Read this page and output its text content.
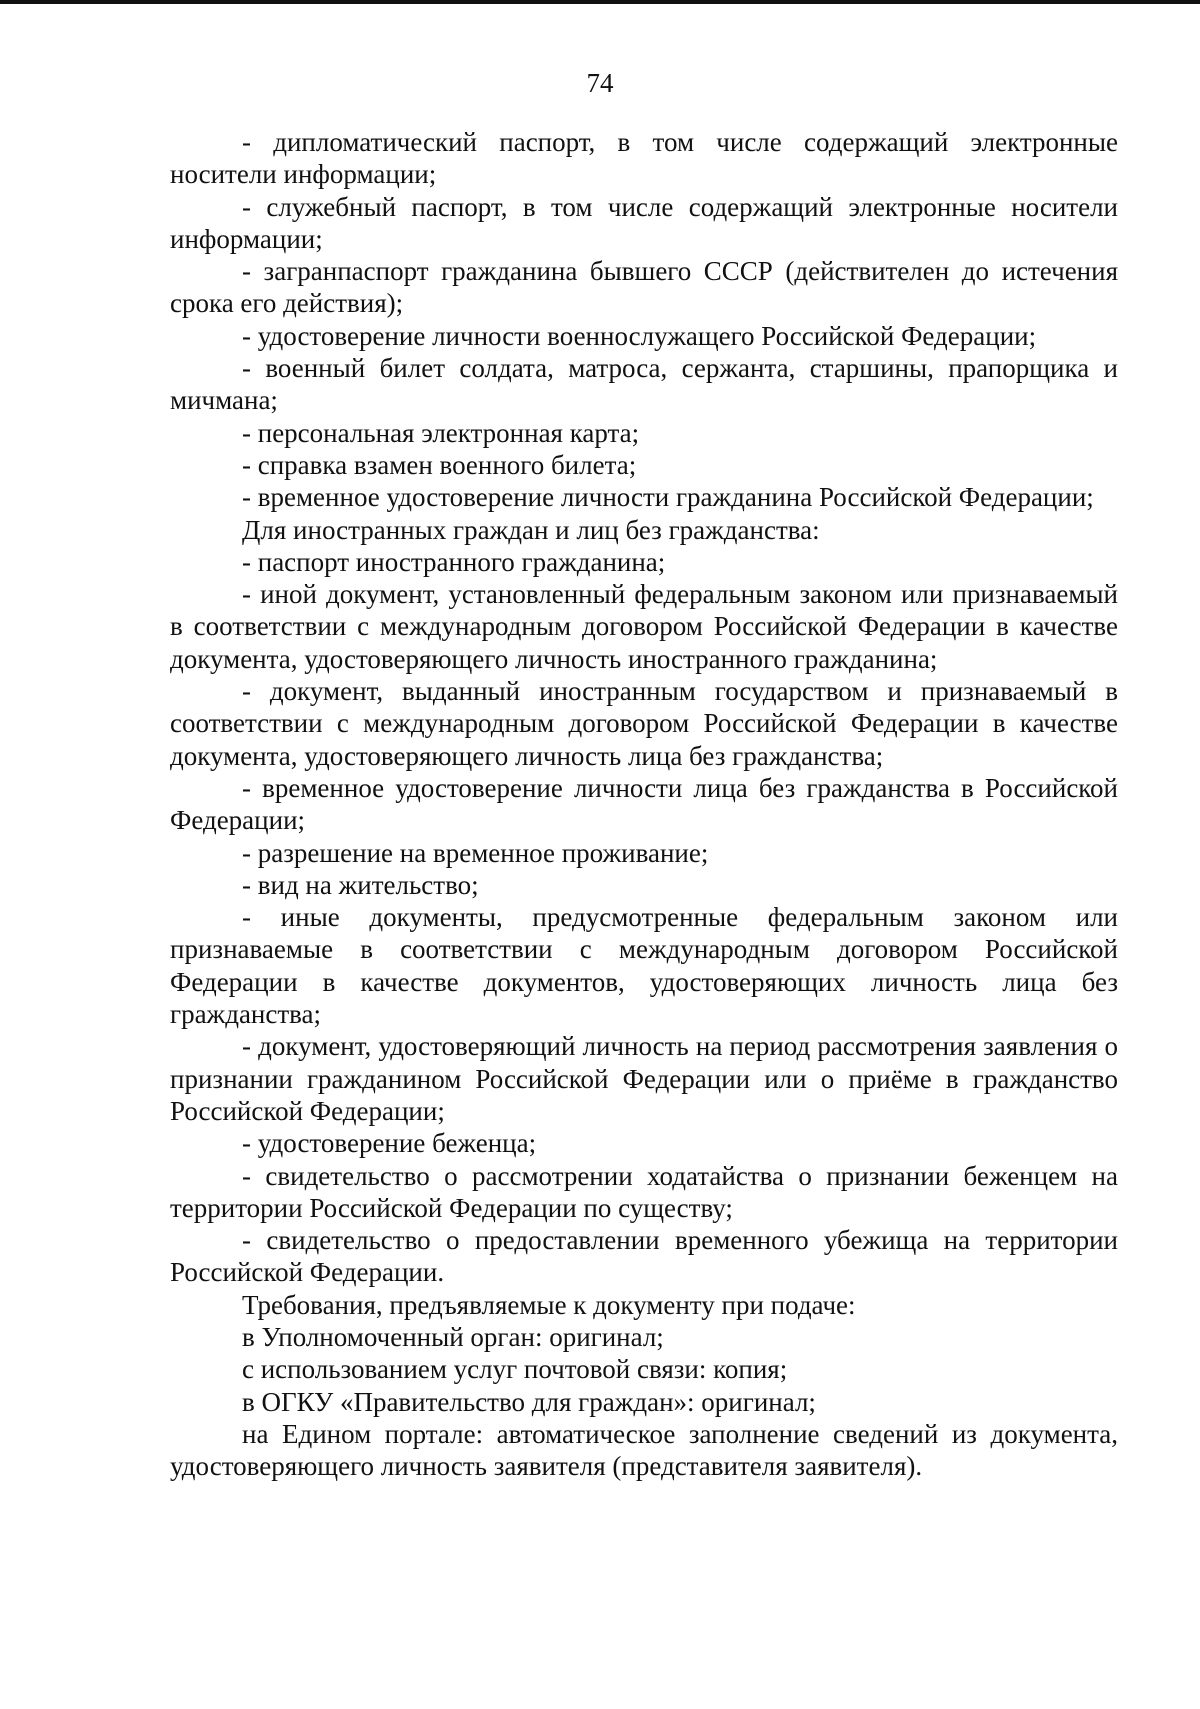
74

- дипломатический паспорт, в том числе содержащий электронные носители информации;

- служебный паспорт, в том числе содержащий электронные носители информации;

- загранпаспорт гражданина бывшего СССР (действителен до истечения срока его действия);

- удостоверение личности военнослужащего Российской Федерации;

- военный билет солдата, матроса, сержанта, старшины, прапорщика и мичмана;

- персональная электронная карта;

- справка взамен военного билета;

- временное удостоверение личности гражданина Российской Федерации;

Для иностранных граждан и лиц без гражданства:

- паспорт иностранного гражданина;

- иной документ, установленный федеральным законом или признаваемый в соответствии с международным договором Российской Федерации в качестве документа, удостоверяющего личность иностранного гражданина;

- документ, выданный иностранным государством и признаваемый в соответствии с международным договором Российской Федерации в качестве документа, удостоверяющего личность лица без гражданства;

- временное удостоверение личности лица без гражданства в Российской Федерации;

- разрешение на временное проживание;

- вид на жительство;

- иные документы, предусмотренные федеральным законом или признаваемые в соответствии с международным договором Российской Федерации в качестве документов, удостоверяющих личность лица без гражданства;

- документ, удостоверяющий личность на период рассмотрения заявления о признании гражданином Российской Федерации или о приёме в гражданство Российской Федерации;

- удостоверение беженца;

- свидетельство о рассмотрении ходатайства о признании беженцем на территории Российской Федерации по существу;

- свидетельство о предоставлении временного убежища на территории Российской Федерации.

Требования, предъявляемые к документу при подаче:

в Уполномоченный орган: оригинал;

с использованием услуг почтовой связи: копия;

в ОГКУ «Правительство для граждан»: оригинал;

на Едином портале: автоматическое заполнение сведений из документа, удостоверяющего личность заявителя (представителя заявителя).
